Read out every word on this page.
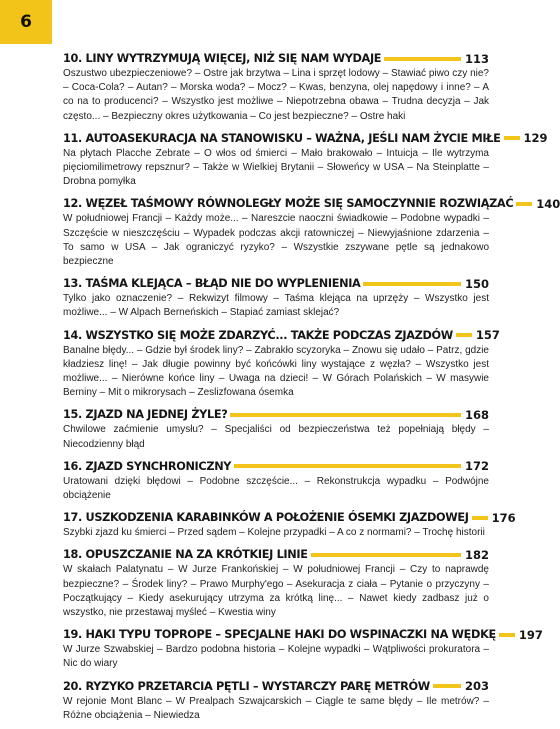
6
10. LINY WYTRZYMUJĄ WIĘCEJ, NIŻ SIĘ NAM WYDAJE	113

Oszustwo ubezpieczeniowe? – Ostre jak brzytwa – Lina i sprzęt lodowy – Stawiać piwo czy nie? – Coca-Cola? – Autan? – Morska woda? – Mocz? – Kwas, benzyna, olej napędowy i inne? – A co na to producenci? – Wszystko jest możliwe – Niepotrzebna obawa – Trudna decyzja – Jak często... – Bezpieczny okres użytkowania – Co jest bezpieczne? – Ostre haki

11. AUTOASEKURACJA NA STANOWISKU – WAŻNA, JEŚLI NAM ŻYCIE MIŁE 129

Na płytach Placche Zebrate – O włos od śmierci – Mało brakowało – Intuicja – Ile wytrzyma pięciomilimetrowy repsznur? – Także w Wielkiej Brytanii – Słoweńcy w USA – Na Steinplatte – Drobna pomyłka

12. WĘZEŁ TAŚMOWY RÓWNOLEGŁY MOŻE SIĘ SAMOCZYNNIE ROZWIĄZAĆ 140

W południowej Francji – Każdy może... – Nareszcie naoczni świadkowie – Podobne wypadki – Szczęście w nieszczęściu – Wypadek podczas akcji ratowniczej – Niewyjaśnione zdarzenia – To samo w USA – Jak ograniczyć ryzyko? – Wszystkie zszywane pętle są jednakowo bezpieczne

13. TAŚMA KLEJĄCA – BŁĄD NIE DO WYPLENIENIA	150

Tylko jako oznaczenie? – Rekwizyt filmowy – Taśma klejąca na uprzęży – Wszystko jest możliwe... – W Alpach Berneńskich – Stapiać zamiast sklejać?

14. WSZYSTKO SIĘ MOŻE ZDARZYĆ... TAKŻE PODCZAS ZJAZDÓW 157

Banalne błędy... – Gdzie był środek liny? – Zabrakło scyzoryka – Znowu się udało – Patrz, gdzie kładziesz linę! – Jak długie powinny być końcówki liny wystające z węzła? – Wszystko jest możliwe... – Nierówne końce liny – Uwaga na dzieci! – W Górach Polańskich – W masywie Berniny – Mit o mikrorysach – Zeslizfowana ósemka

15. ZJAZD NA JEDNEJ ŻYLE?	168

Chwilowe zaćmienie umysłu? – Specjaliści od bezpieczeństwa też popełniają błędy – Niecodzienny błąd

16. ZJAZD SYNCHRONICZNY	172

Uratowani dzięki błędowi – Podobne szczęście... – Rekonstrukcja wypadku – Podwójne obciążenie

17. USZKODZENIA KARABINKÓW A POŁOŻENIE ÓSEMKI ZJAZDOWEJ 176

Szybki zjazd ku śmierci – Przed sądem – Kolejne przypadki – A co z normami? – Trochę historii

18. OPUSZCZANIE NA ZA KRÓTKIEJ LINIE	182

W skałach Palatynatu – W Jurze Frankońskiej – W południowej Francji – Czy to naprawdę bezpieczne? – Środek liny? – Prawo Murphy'ego – Asekuracja z ciała – Pytanie o przyczyny – Początkujący – Kiedy asekurujący utrzyma za krótką linę... – Nawet kiedy zadbasz już o wszystko, nie przestawaj myśleć – Kwestia winy

19. HAKI TYPU TOPROPE – SPECJALNE HAKI DO WSPINACZKI NA WĘDKĘ 197

W Jurze Szwabskiej – Bardzo podobna historia – Kolejne wypadki – Wątpliwości prokuratora – Nic do wiary

20. RYZYKO PRZETARCIA PĘTLI – WYSTARCZY PARĘ METRÓW	203

W rejonie Mont Blanc – W Prealpach Szwajcarskich – Ciągle te same błędy – Ile metrów? – Różne obciążenia – Niewiedza
